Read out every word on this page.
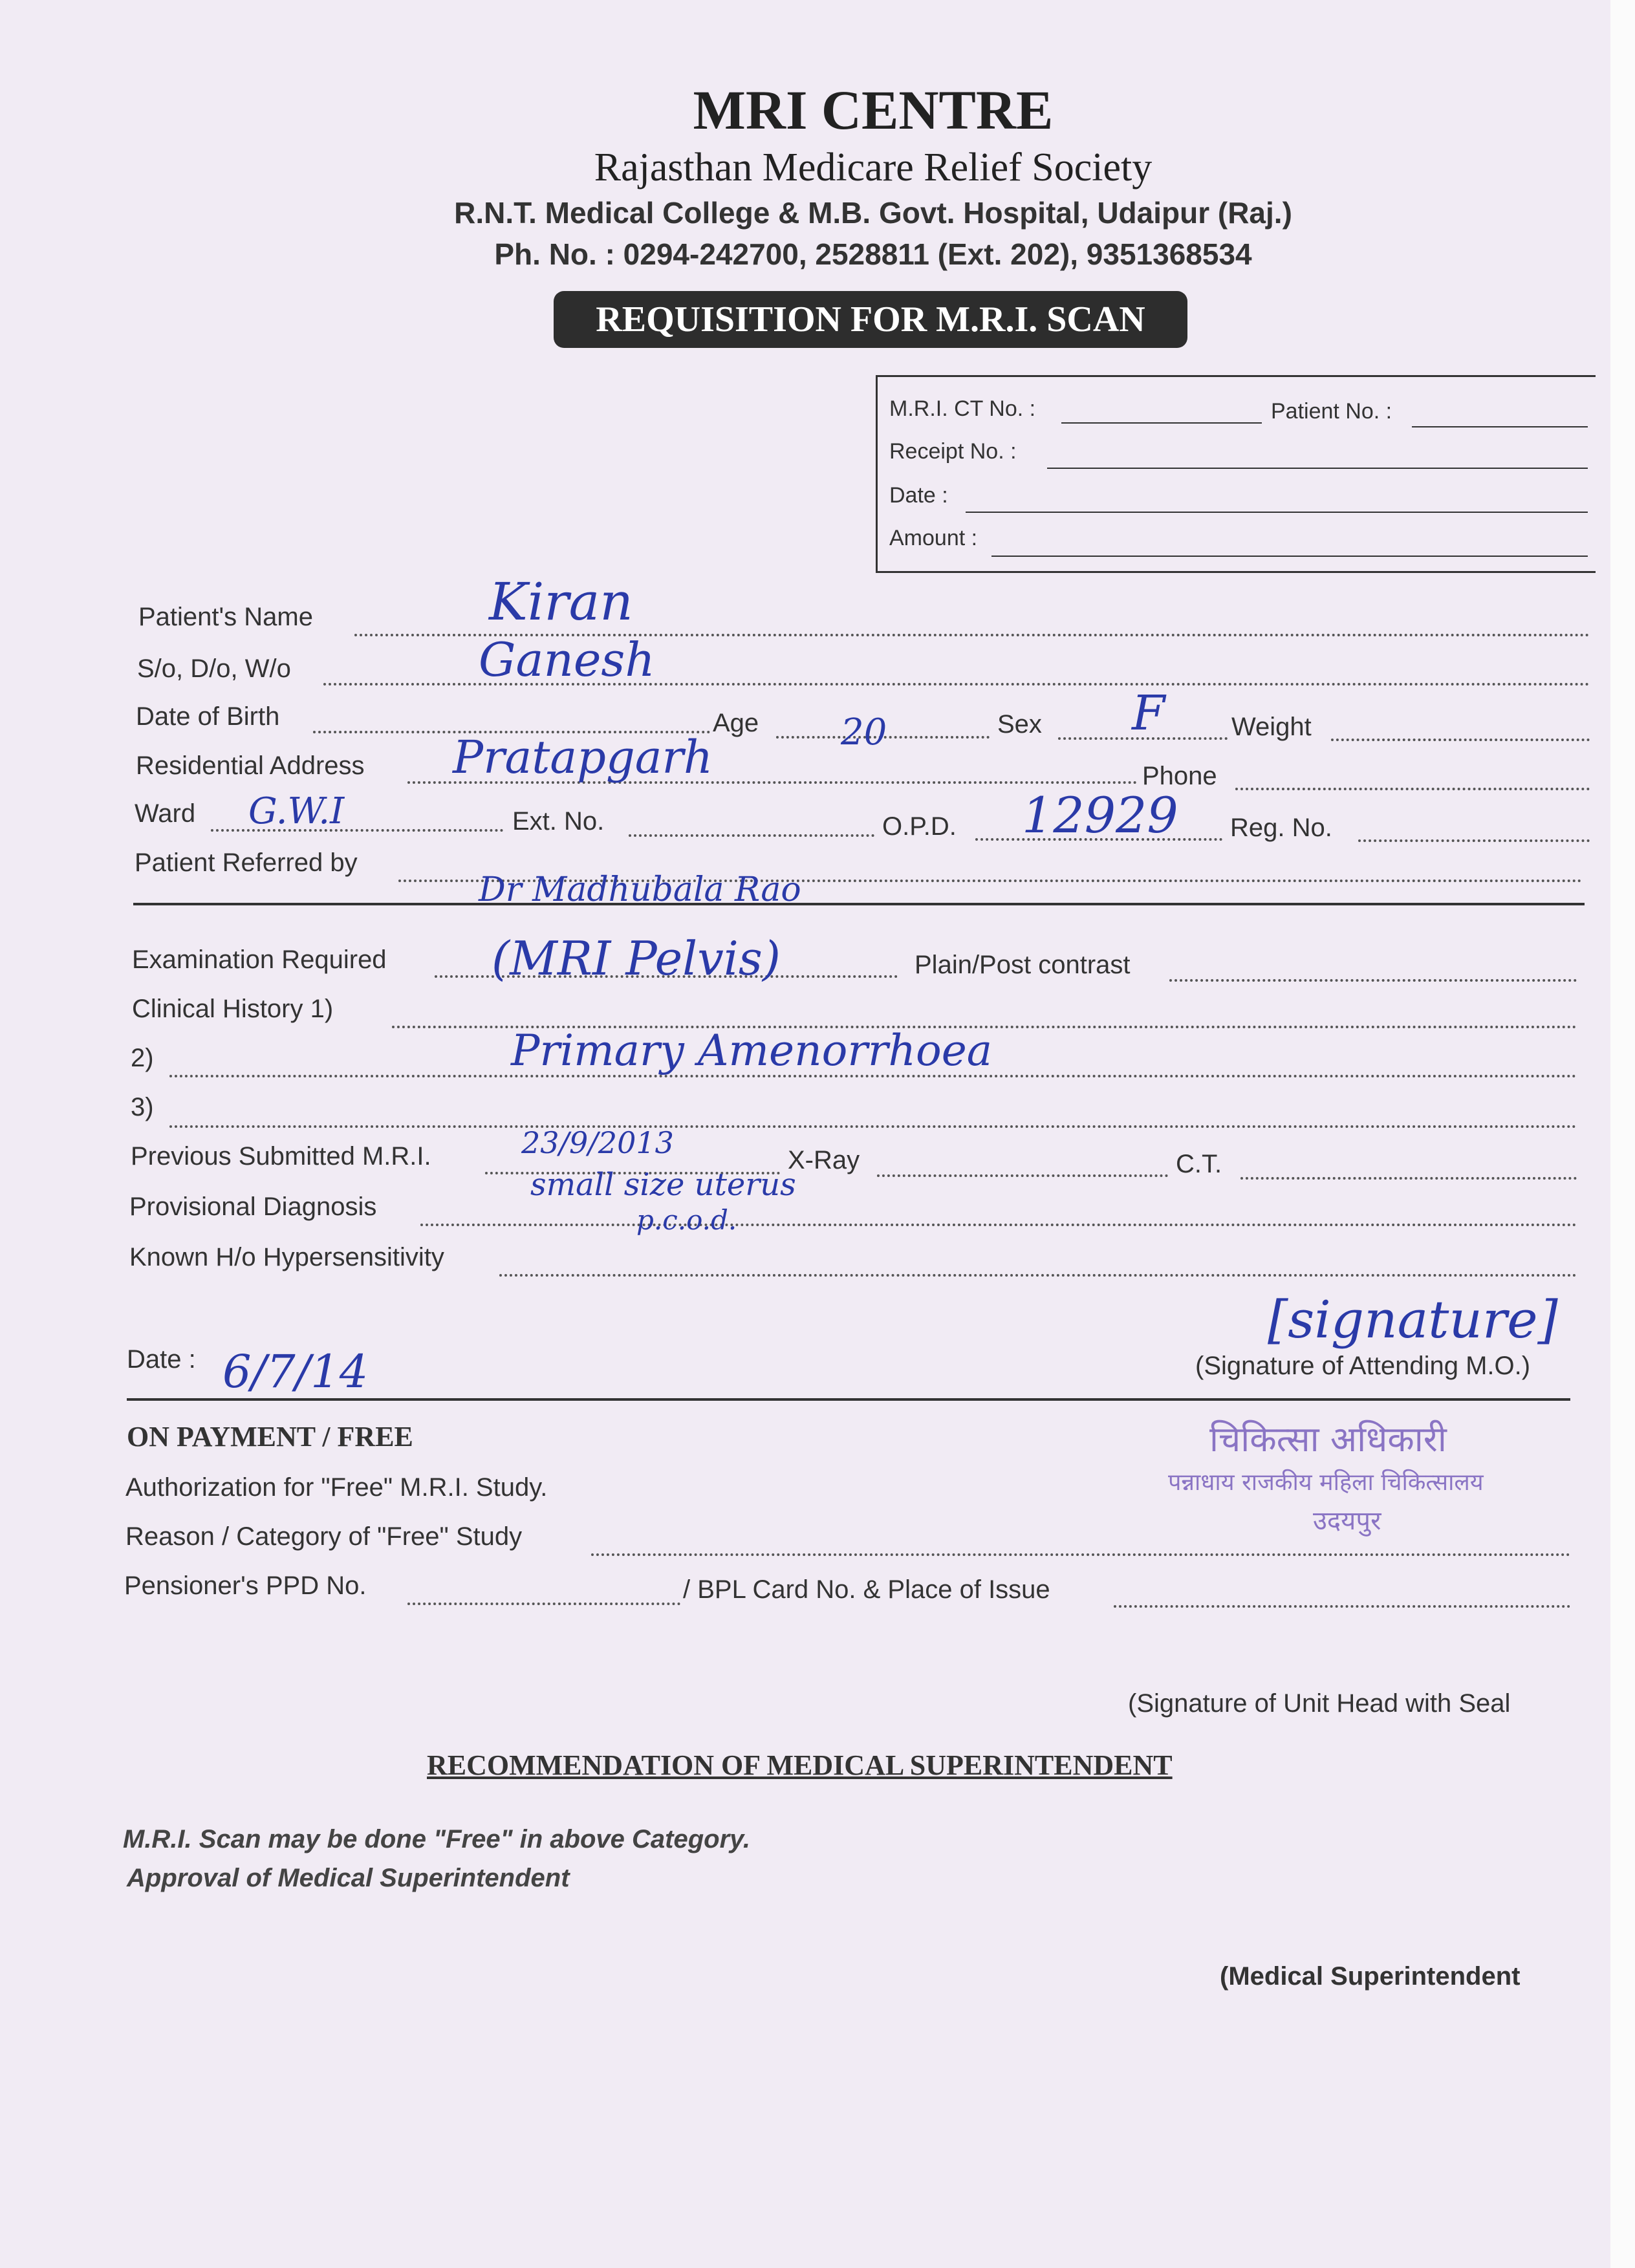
MRI CENTRE
Rajasthan Medicare Relief Society
R.N.T. Medical College & M.B. Govt. Hospital, Udaipur (Raj.)
Ph. No. : 0294-242700, 2528811 (Ext. 202), 9351368534
REQUISITION FOR M.R.I. SCAN
M.R.I. CT No. :	Patient No. :
Receipt No. :
Date :
Amount :
Patient's Name	Kiran
S/o, D/o, W/o	Ganesh
Date of Birth	Age 20	Sex F	Weight
Residential Address Pratapgarh	Phone
Ward G.W.I	Ext. No.	O.P.D. 12929 Reg. No.
Patient Referred by
Dr Madhubala Rao
Examination Required (MRI Pelvis)	Plain/Post contrast
Clinical History 1)
2)	Primary Amenorrhoea
3)
Previous Submitted M.R.I.	23/9/2013	X-Ray	C.T.
Provisional Diagnosis
small size uterus
p.c.o.d.
Known H/o Hypersensitivity
Date : 6/7/14
[signature]
(Signature of Attending M.O.)
ON PAYMENT / FREE
Authorization for "Free" M.R.I. Study.
Reason / Category of "Free" Study
Pensioner's PPD No.	/ BPL Card No. & Place of Issue
चिकित्सा अधिकारी
पन्नाधाय राजकीय महिला चिकित्सालय
उदयपुर
(Signature of Unit Head with Seal
RECOMMENDATION OF MEDICAL SUPERINTENDENT
M.R.I. Scan may be done "Free" in above Category.
Approval of Medical Superintendent
(Medical Superintendent
